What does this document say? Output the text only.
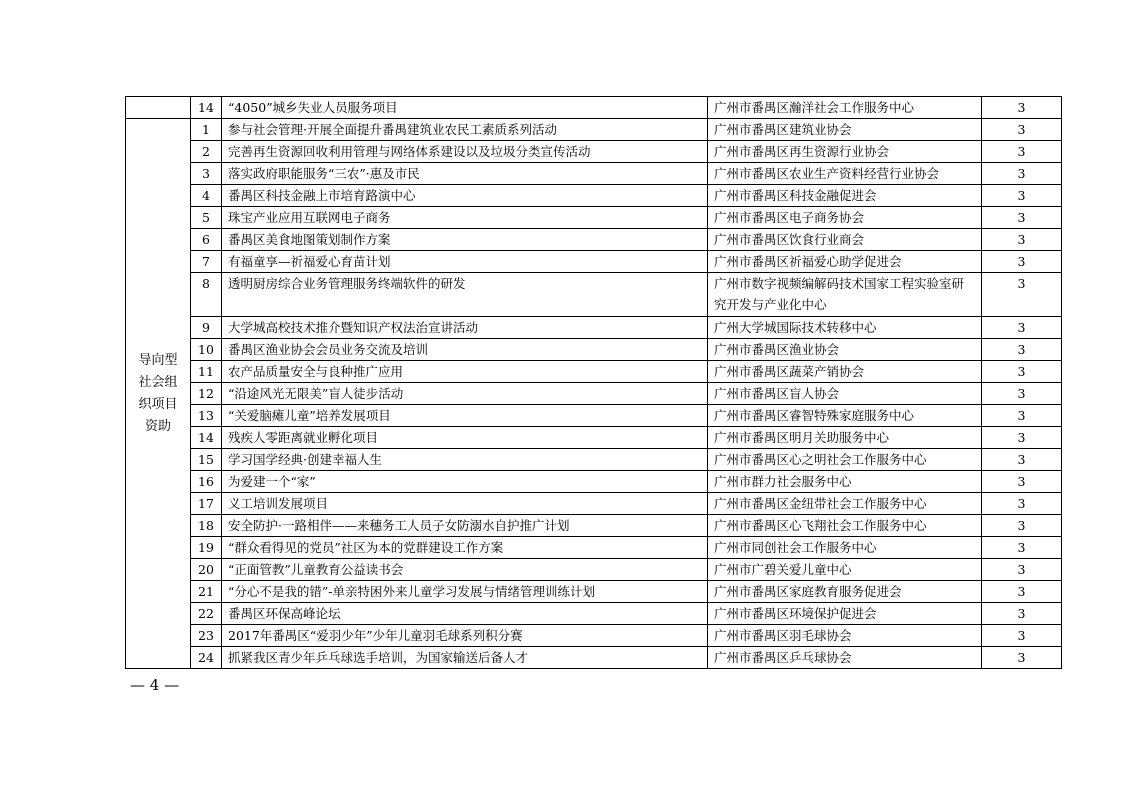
	14	“4050”城乡失业人员服务项目	广州市番禺区瀚洋社会工作服务中心	3
导向型社会组织项目资助	1	参与社会管理·开展全面提升番禺建筑业农民工素质系列活动	广州市番禺区建筑业协会	3
	2	完善再生资源回收利用管理与网络体系建设以及垃圾分类宣传活动	广州市番禺区再生资源行业协会	3
	3	落实政府职能服务“三农”·惠及市民	广州市番禺区农业生产资料经营行业协会	3
	4	番禺区科技金融上市培育路演中心	广州市番禺区科技金融促进会	3
	5	珠宝产业应用互联网电子商务	广州市番禺区电子商务协会	3
	6	番禺区美食地图策划制作方案	广州市番禺区饮食行业商会	3
	7	有福童享—祈福爱心育苗计划	广州市番禺区祈福爱心助学促进会	3
	8	透明厨房综合业务管理服务终端软件的研发	广州市数字视频编解码技术国家工程实验室研究开发与产业化中心	3
	9	大学城高校技术推介暨知识产权法治宣讲活动	广州大学城国际技术转移中心	3
	10	番禺区渔业协会会员业务交流及培训	广州市番禺区渔业协会	3
	11	农产品质量安全与良种推广应用	广州市番禺区蔬菜产销协会	3
	12	“沿途风光无限美”盲人徒步活动	广州市番禺区盲人协会	3
	13	“关爱脑瘫儿童”培养发展项目	广州市番禺区睿智特殊家庭服务中心	3
	14	残疾人零距离就业孵化项目	广州市番禺区明月关助服务中心	3
	15	学习国学经典·创建幸福人生	广州市番禺区心之明社会工作服务中心	3
	16	为爱建一个“家”	广州市群力社会服务中心	3
	17	义工培训发展项目	广州市番禺区金纽带社会工作服务中心	3
	18	安全防护·一路相伴——来穗务工人员子女防溺水自护推广计划	广州市番禺区心飞翔社会工作服务中心	3
	19	“群众看得见的党员”社区为本的党群建设工作方案	广州市同创社会工作服务中心	3
	20	“正面管教”儿童教育公益读书会	广州市广碧关爱儿童中心	3
	21	“分心不是我的错”-单亲特困外来儿童学习发展与情绪管理训练计划	广州市番禺区家庭教育服务促进会	3
	22	番禺区环保高峰论坛	广州市番禺区环境保护促进会	3
	23	2017年番禺区“爱羽少年”少年儿童羽毛球系列积分赛	广州市番禺区羽毛球协会	3
	24	抓紧我区青少年乒乓球选手培训，为国家输送后备人才	广州市番禺区乒乓球协会	3
— 4 —
